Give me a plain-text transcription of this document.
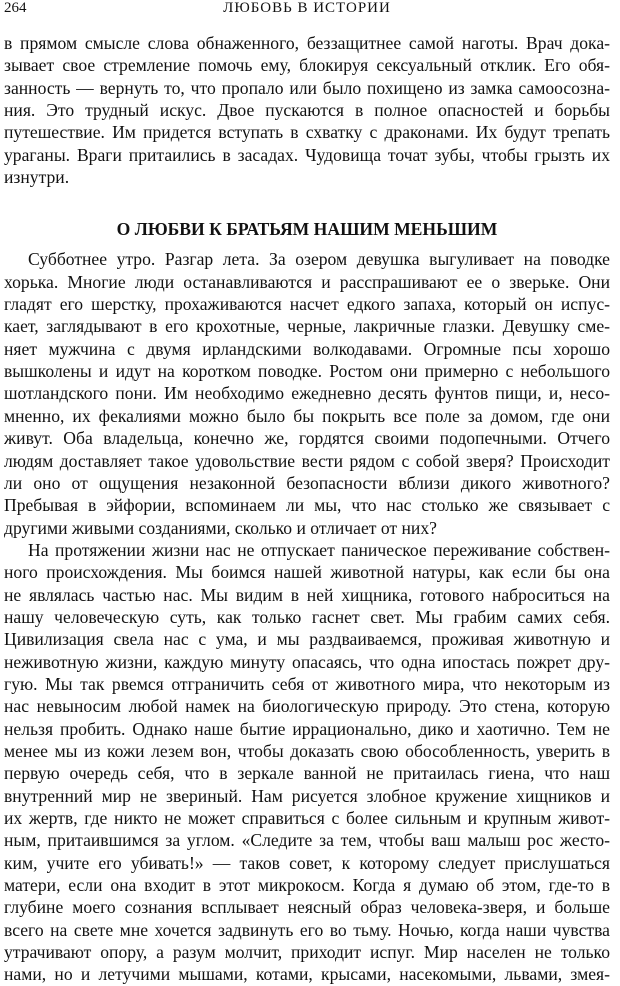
264	ЛЮБОВЬ В ИСТОРИИ
в прямом смысле слова обнаженного, беззащитнее самой наготы. Врач дока-
зывает свое стремление помочь ему, блокируя сексуальный отклик. Его обя-
занность — вернуть то, что пропало или было похищено из замка самоосозна-
ния. Это трудный искус. Двое пускаются в полное опасностей и борьбы
путешествие. Им придется вступать в схватку с драконами. Их будут трепать
ураганы. Враги притаились в засадах. Чудовища точат зубы, чтобы грызть их
изнутри.
О ЛЮБВИ К БРАТЬЯМ НАШИМ МЕНЬШИМ
Субботнее утро. Разгар лета. За озером девушка выгуливает на поводке
хорька. Многие люди останавливаются и расспрашивают ее о зверьке. Они
гладят его шерстку, прохаживаются насчет едкого запаха, который он испус-
кает, заглядывают в его крохотные, черные, лакричные глазки. Девушку сме-
няет мужчина с двумя ирландскими волкодавами. Огромные псы хорошо
вышколены и идут на коротком поводке. Ростом они примерно с небольшого
шотландского пони. Им необходимо ежедневно десять фунтов пищи, и, несо-
мненно, их фекалиями можно было бы покрыть все поле за домом, где они
живут. Оба владельца, конечно же, гордятся своими подопечными. Отчего
людям доставляет такое удовольствие вести рядом с собой зверя? Происходит
ли оно от ощущения незаконной безопасности вблизи дикого животного?
Пребывая в эйфории, вспоминаем ли мы, что нас столько же связывает с
другими живыми созданиями, сколько и отличает от них?
На протяжении жизни нас не отпускает паническое переживание собствен-
ного происхождения. Мы боимся нашей животной натуры, как если бы она
не являлась частью нас. Мы видим в ней хищника, готового наброситься на
нашу человеческую суть, как только гаснет свет. Мы грабим самих себя.
Цивилизация свела нас с ума, и мы раздваиваемся, проживая животную и
неживотную жизни, каждую минуту опасаясь, что одна ипостась пожрет дру-
гую. Мы так рвемся отграничить себя от животного мира, что некоторым из
нас невыносим любой намек на биологическую природу. Это стена, которую
нельзя пробить. Однако наше бытие иррационально, дико и хаотично. Тем не
менее мы из кожи лезем вон, чтобы доказать свою обособленность, уверить в
первую очередь себя, что в зеркале ванной не притаилась гиена, что наш
внутренний мир не звериный. Нам рисуется злобное кружение хищников и
их жертв, где никто не может справиться с более сильным и крупным живот-
ным, притаившимся за углом. «Следите за тем, чтобы ваш малыш рос жесто-
ким, учите его убивать!» — таков совет, к которому следует прислушаться
матери, если она входит в этот микрокосм. Когда я думаю об этом, где-то в
глубине моего сознания всплывает неясный образ человека-зверя, и больше
всего на свете мне хочется задвинуть его во тьму. Ночью, когда наши чувства
утрачивают опору, а разум молчит, приходит испуг. Мир населен не только
нами, но и летучими мышами, котами, крысами, насекомыми, львами, змея-
